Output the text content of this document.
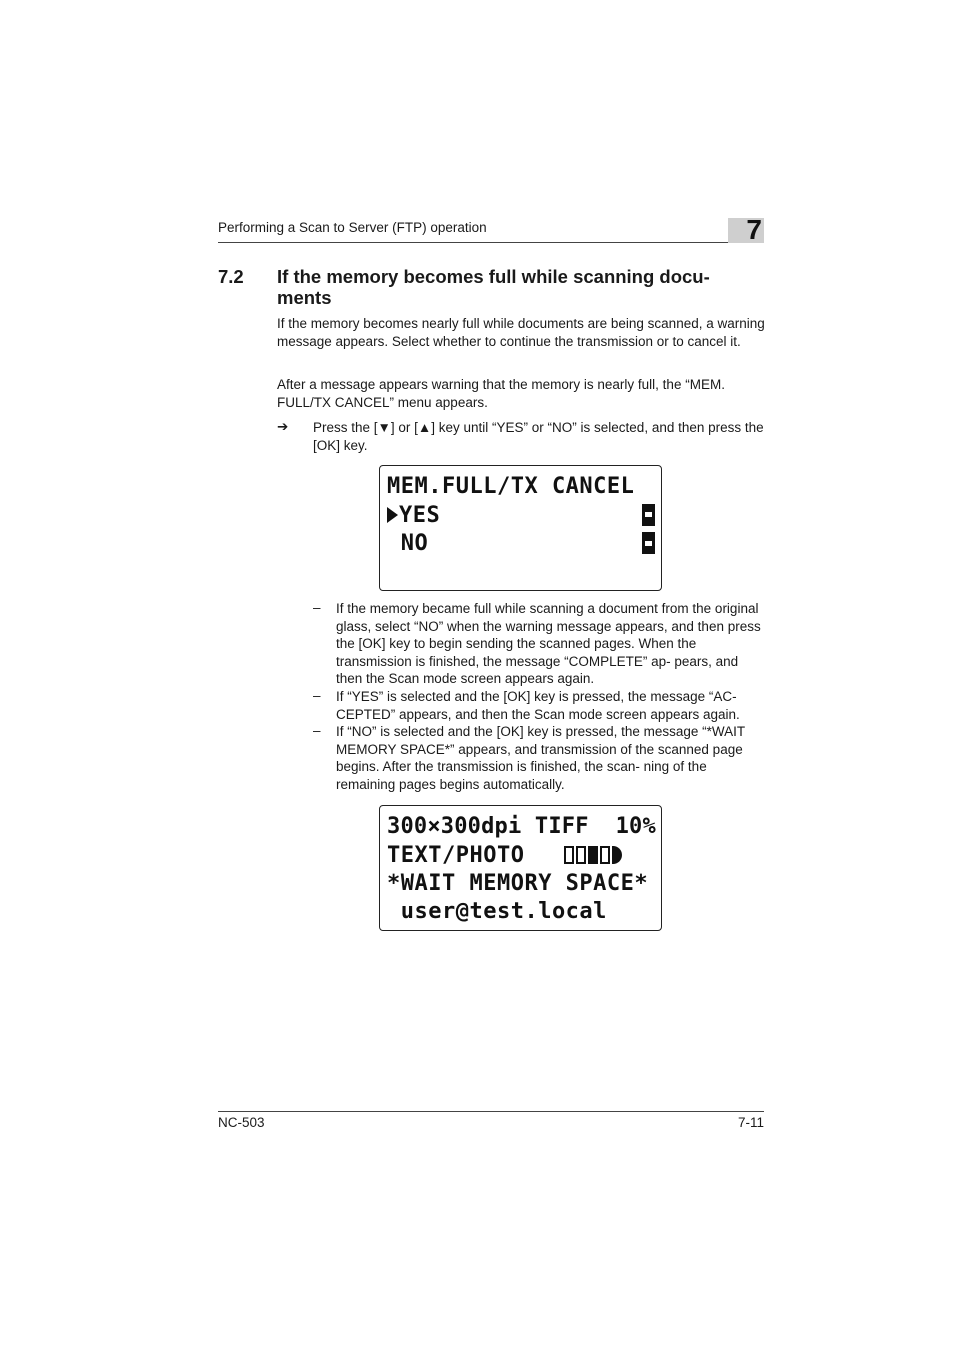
Performing a Scan to Server (FTP) operation	7
7.2 If the memory becomes full while scanning docu- ments
If the memory becomes nearly full while documents are being scanned, a warning message appears. Select whether to continue the transmission or to cancel it.
After a message appears warning that the memory is nearly full, the “MEM. FULL/TX CANCEL” menu appears.
➔ Press the [▼] or [▲] key until “YES” or “NO” is selected, and then press the [OK] key.
MEM.FULL/TX CANCEL
YES
NO
– If the memory became full while scanning a document from the original glass, select “NO” when the warning message appears, and then press the [OK] key to begin sending the scanned pages. When the transmission is finished, the message “COMPLETE” ap- pears, and then the Scan mode screen appears again.
– If “YES” is selected and the [OK] key is pressed, the message “AC- CEPTED” appears, and then the Scan mode screen appears again.
– If “NO” is selected and the [OK] key is pressed, the message “*WAIT MEMORY SPACE*” appears, and transmission of the scanned page begins. After the transmission is finished, the scan- ning of the remaining pages begins automatically.
300×300dpi TIFF  10%
TEXT/PHOTO
*WAIT MEMORY SPACE*
user@test.local
NC-503	7-11
